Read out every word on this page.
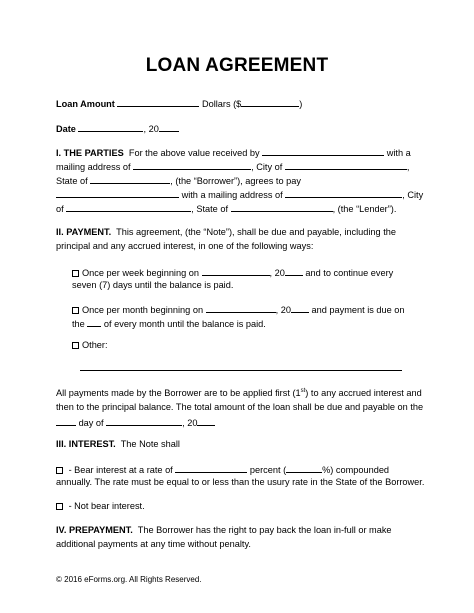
LOAN AGREEMENT
Loan Amount	Dollars ($	)
Date	, 20
I. THE PARTIES For the above value received by	with a
mailing address of	, City of	,
State of	, (the “Borrower”), agrees to pay
with a mailing address of	, City
of	, State of	, (the “Lender”).
II. PAYMENT. This agreement, (the “Note”), shall be due and payable, including the
principal and any accrued interest, in one of the following ways:
Once per week beginning on	, 20 and to continue every
seven (7) days until the balance is paid.
Once per month beginning on	, 20 and payment is due on
the of every month until the balance is paid.
Other:
All payments made by the Borrower are to be applied first (1st) to any accrued interest and
then to the principal balance. The total amount of the loan shall be due and payable on the
day of	, 20
III. INTEREST. The Note shall
- Bear interest at a rate of	percent (	%) compounded
annually. The rate must be equal to or less than the usury rate in the State of the Borrower.
- Not bear interest.
IV. PREPAYMENT. The Borrower has the right to pay back the loan in-full or make
additional payments at any time without penalty.
© 2016 eForms.org. All Rights Reserved.
